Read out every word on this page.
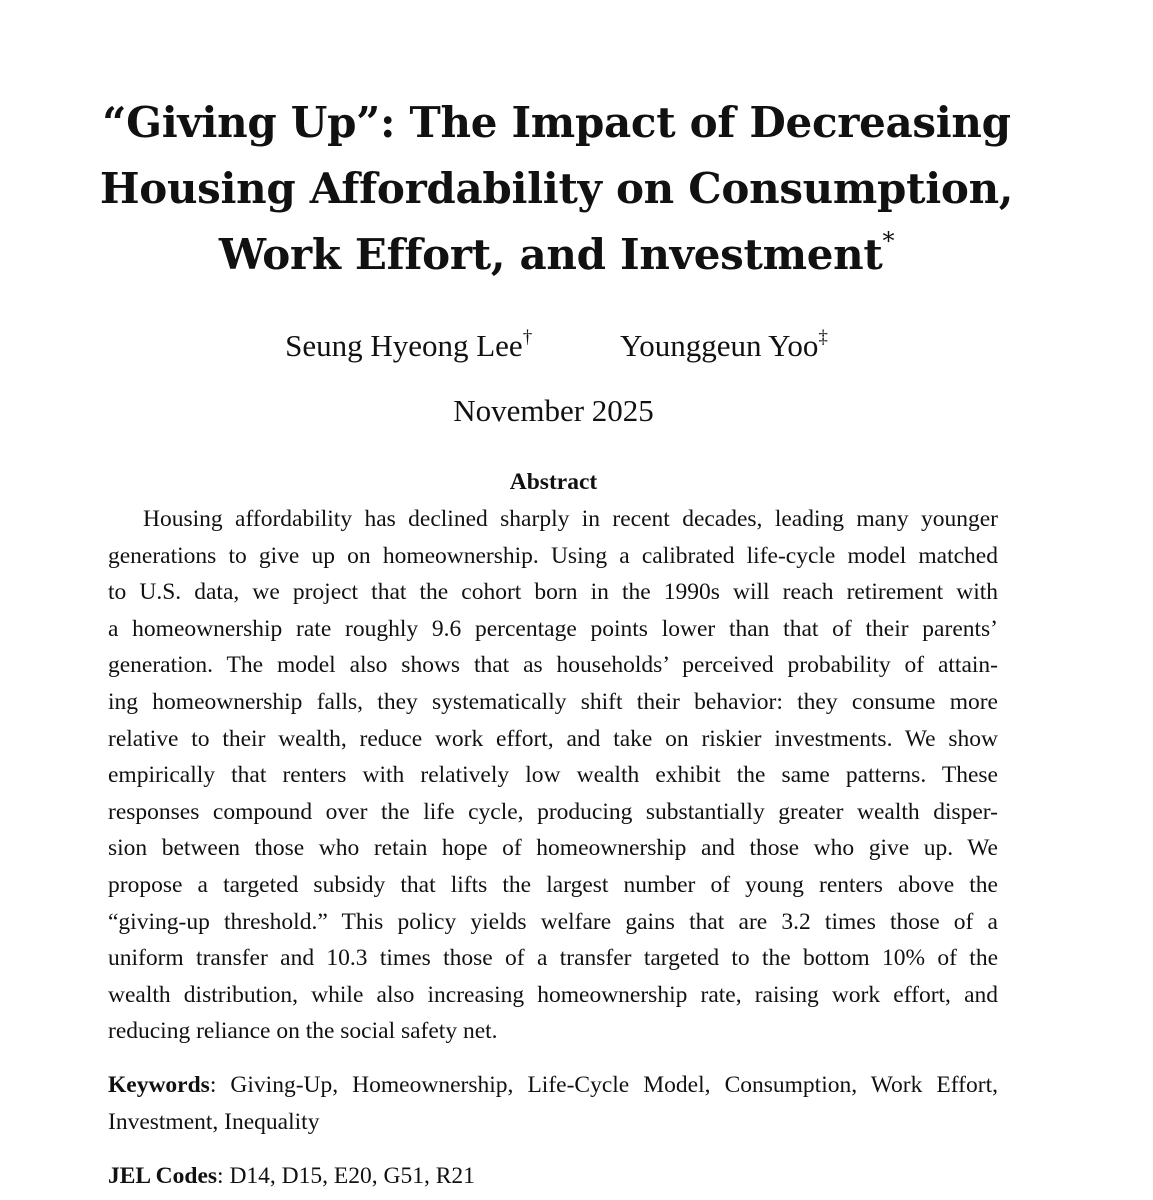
“Giving Up”: The Impact of Decreasing
Housing Affordability on Consumption,
Work Effort, and Investment*
Seung Hyeong Lee†	Younggeun Yoo‡
November 2025
Abstract
Housing affordability has declined sharply in recent decades, leading many younger
generations to give up on homeownership. Using a calibrated life-cycle model matched
to U.S. data, we project that the cohort born in the 1990s will reach retirement with
a homeownership rate roughly 9.6 percentage points lower than that of their parents’
generation. The model also shows that as households’ perceived probability of attain-
ing homeownership falls, they systematically shift their behavior: they consume more
relative to their wealth, reduce work effort, and take on riskier investments. We show
empirically that renters with relatively low wealth exhibit the same patterns. These
responses compound over the life cycle, producing substantially greater wealth disper-
sion between those who retain hope of homeownership and those who give up. We
propose a targeted subsidy that lifts the largest number of young renters above the
“giving-up threshold.” This policy yields welfare gains that are 3.2 times those of a
uniform transfer and 10.3 times those of a transfer targeted to the bottom 10% of the
wealth distribution, while also increasing homeownership rate, raising work effort, and
reducing reliance on the social safety net.
Keywords: Giving-Up, Homeownership, Life-Cycle Model, Consumption, Work Effort,
Investment, Inequality
JEL Codes: D14, D15, E20, G51, R21
